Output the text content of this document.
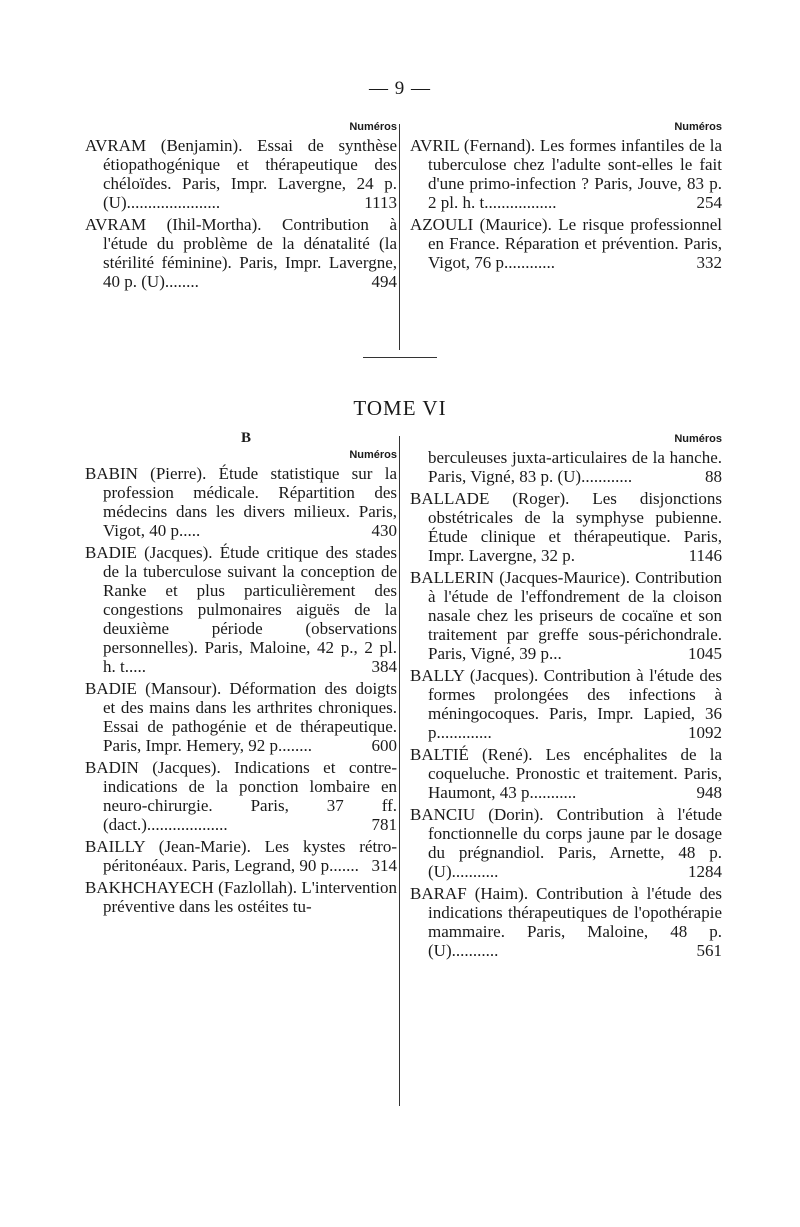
— 9 —
Numéros

AVRAM (Benjamin). Essai de synthèse étiopathogénique et thérapeutique des chéloïdes. Paris, Impr. Lavergne, 24 p. (U)......................	1113

AVRAM (Ihil-Mortha). Contribution à l'étude du problème de la dénatalité (la stérilité féminine). Paris, Impr. Lavergne, 40 p. (U)........	494

Numéros

AVRIL (Fernand). Les formes infantiles de la tuberculose chez l'adulte sont-elles le fait d'une primo-infection ? Paris, Jouve, 83 p. 2 pl. h. t.................	254

AZOULI (Maurice). Le risque professionnel en France. Réparation et prévention. Paris, Vigot, 76 p............	332

TOME VI
B
Numéros

BABIN (Pierre). Étude statistique sur la profession médicale. Répartition des médecins dans les divers milieux. Paris, Vigot, 40 p.....	430

BADIE (Jacques). Étude critique des stades de la tuberculose suivant la conception de Ranke et plus particulièrement des congestions pulmonaires aiguës de la deuxième période (observations personnelles). Paris, Maloine, 42 p., 2 pl. h. t.....	384

BADIE (Mansour). Déformation des doigts et des mains dans les arthrites chroniques. Essai de pathogénie et de thérapeutique. Paris, Impr. Hemery, 92 p........	600

BADIN (Jacques). Indications et contre-indications de la ponction lombaire en neuro-chirurgie. Paris, 37 ff. (dact.)...................	781

BAILLY (Jean-Marie). Les kystes rétro-péritonéaux. Paris, Legrand, 90 p....... 314

BAKHCHAYECH (Fazlollah). L'intervention préventive dans les ostéites tu-

Numéros

berculeuses juxta-articulaires de la hanche. Paris, Vigné, 83 p. (U)............	88

BALLADE (Roger). Les disjonctions obstétricales de la symphyse pubienne. Étude clinique et thérapeutique. Paris, Impr. Lavergne, 32 p.	1146

BALLERIN (Jacques-Maurice). Contribution à l'étude de l'effondrement de la cloison nasale chez les priseurs de cocaïne et son traitement par greffe sous-périchondrale. Paris, Vigné, 39 p...	1045

BALLY (Jacques). Contribution à l'étude des formes prolongées des infections à méningocoques. Paris, Impr. Lapied, 36 p.............	1092

BALTIÉ (René). Les encéphalites de la coqueluche. Pronostic et traitement. Paris, Haumont, 43 p...........	948

BANCIU (Dorin). Contribution à l'étude fonctionnelle du corps jaune par le dosage du prégnandiol. Paris, Arnette, 48 p. (U)...........	1284

BARAF (Haim). Contribution à l'étude des indications thérapeutiques de l'opothérapie mammaire. Paris, Maloine, 48 p. (U)...........	561
